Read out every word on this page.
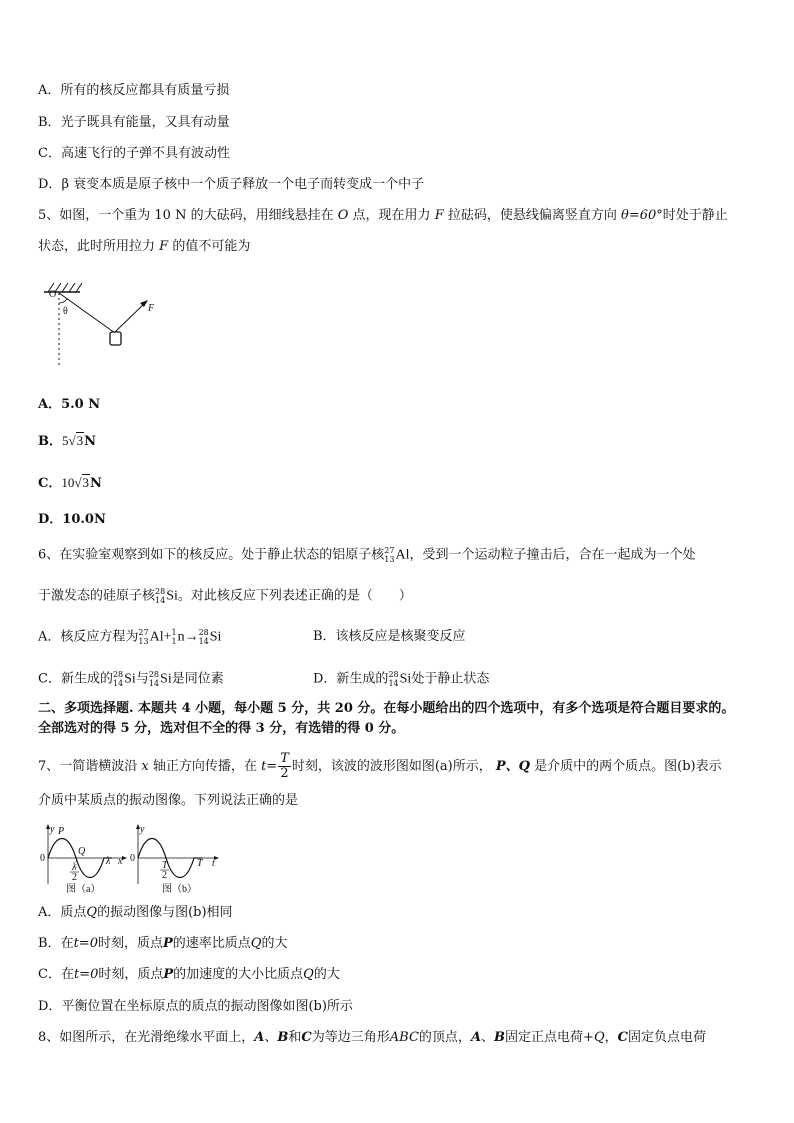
A．所有的核反应都具有质量亏损
B．光子既具有能量，又具有动量
C．高速飞行的子弹不具有波动性
D．β 衰变本质是原子核中一个质子释放一个电子而转变成一个中子
5、如图，一个重为 10 N 的大砝码，用细线悬挂在 O 点，现在用力 F 拉砝码，使悬线偏离竖直方向 θ=60°时处于静止
状态，此时所用拉力 F 的值不可能为
O
θ	F
A．5.0 N
B．5√3N
C．10√3N
D．10.0N
6、在实验室观察到如下的核反应。处于静止状态的铝原子核 27
13 Al，受到一个运动粒子撞击后，合在一起成为一个处
于激发态的硅原子核 28
14 Si。对此核反应下列表述正确的是（　　）
A．核反应方程为 27
13 Al+ 1
1 n→ 28
14 Si	B．该核反应是核聚变反应
C．新生成的 28
14 Si与 28
14 Si是同位素	D．新生成的 28
14 Si处于静止状态
二、多项选择题. 本题共 4 小题，每小题 5 分，共 20 分。在每小题给出的四个选项中，有多个选项是符合题目要求的。
全部选对的得 5 分，选对但不全的得 3 分，有选错的得 0 分。
7、一简谐横波沿 x 轴正方向传播，在 $t= \frac{T}{2}$ 时刻，该波的波形图如图(a)所示， P、Q 是介质中的两个质点。图(b)表示
介质中某质点的振动图像。下列说法正确的是
y P
Q
0
λ
2
λ x
图（a）
y
0
T
2
T t
图（b）
A．质点Q的振动图像与图(b)相同
B．在t=0时刻，质点P的速率比质点Q的大
C．在t=0时刻，质点P的加速度的大小比质点Q的大
D．平衡位置在坐标原点的质点的振动图像如图(b)所示
8、如图所示，在光滑绝缘水平面上，A、B和C为等边三角形ABC的顶点，A、B固定正点电荷+Q，C固定负点电荷
